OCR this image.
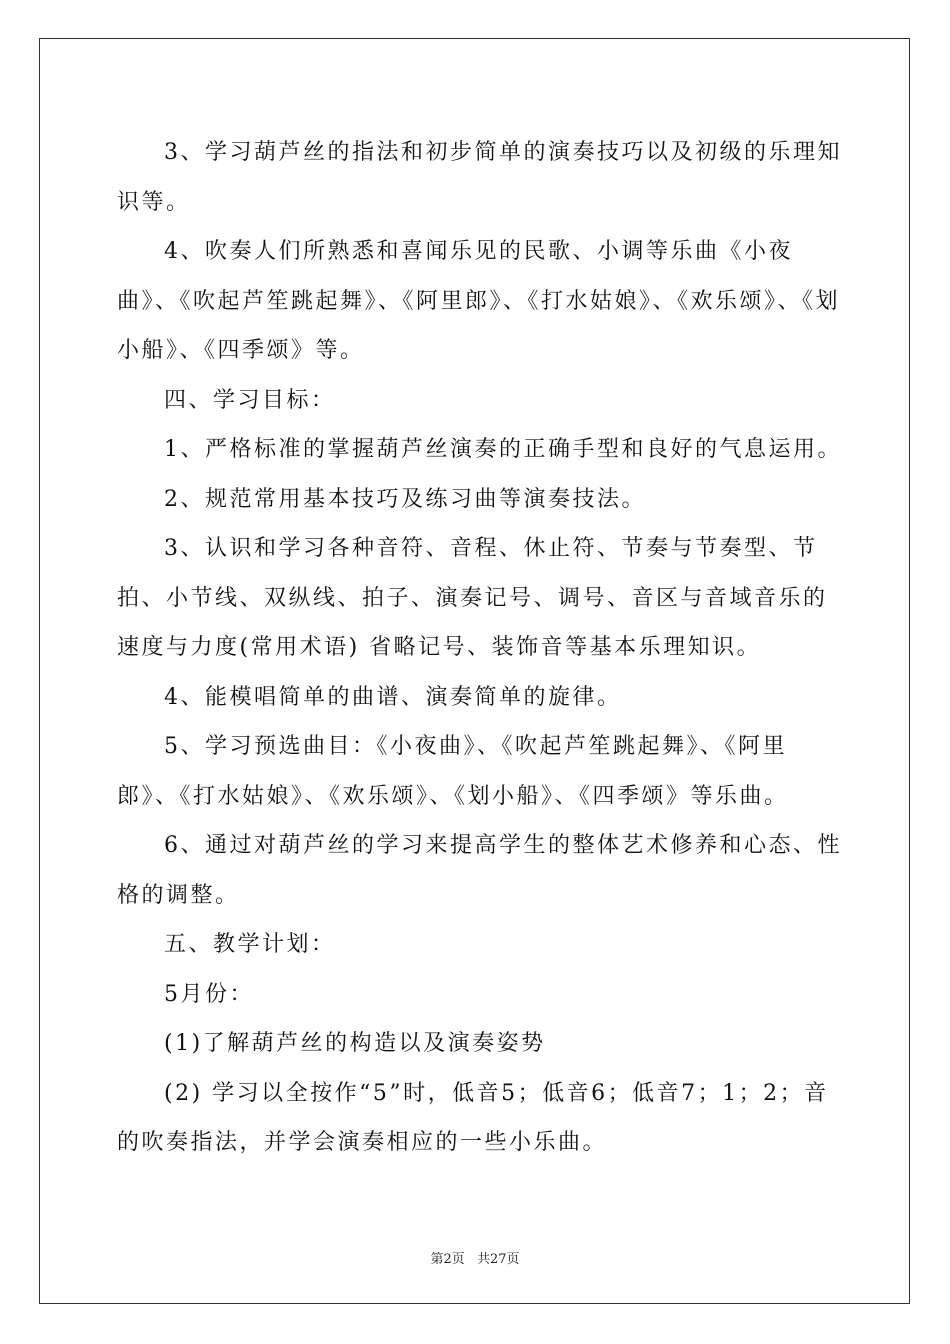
3、学习葫芦丝的指法和初步简单的演奏技巧以及初级的乐理知识等。

4、吹奏人们所熟悉和喜闻乐见的民歌、小调等乐曲《小夜曲》、《吹起芦笙跳起舞》、《阿里郎》、《打水姑娘》、《欢乐颂》、《划小船》、《四季颂》等。

四、学习目标：

1、严格标准的掌握葫芦丝演奏的正确手型和良好的气息运用。

2、规范常用基本技巧及练习曲等演奏技法。

3、认识和学习各种音符、音程、休止符、节奏与节奏型、节拍、小节线、双纵线、拍子、演奏记号、调号、音区与音域音乐的速度与力度(常用术语) 省略记号、装饰音等基本乐理知识。

4、能模唱简单的曲谱、演奏简单的旋律。

5、学习预选曲目：《小夜曲》、《吹起芦笙跳起舞》、《阿里郎》、《打水姑娘》、《欢乐颂》、《划小船》、《四季颂》等乐曲。

6、通过对葫芦丝的学习来提高学生的整体艺术修养和心态、性格的调整。

五、教学计划：

5月份：

(1)了解葫芦丝的构造以及演奏姿势

(2) 学习以全按作“5”时，低音5；低音6；低音7；1；2；音的吹奏指法，并学会演奏相应的一些小乐曲。

第2页 共27页
